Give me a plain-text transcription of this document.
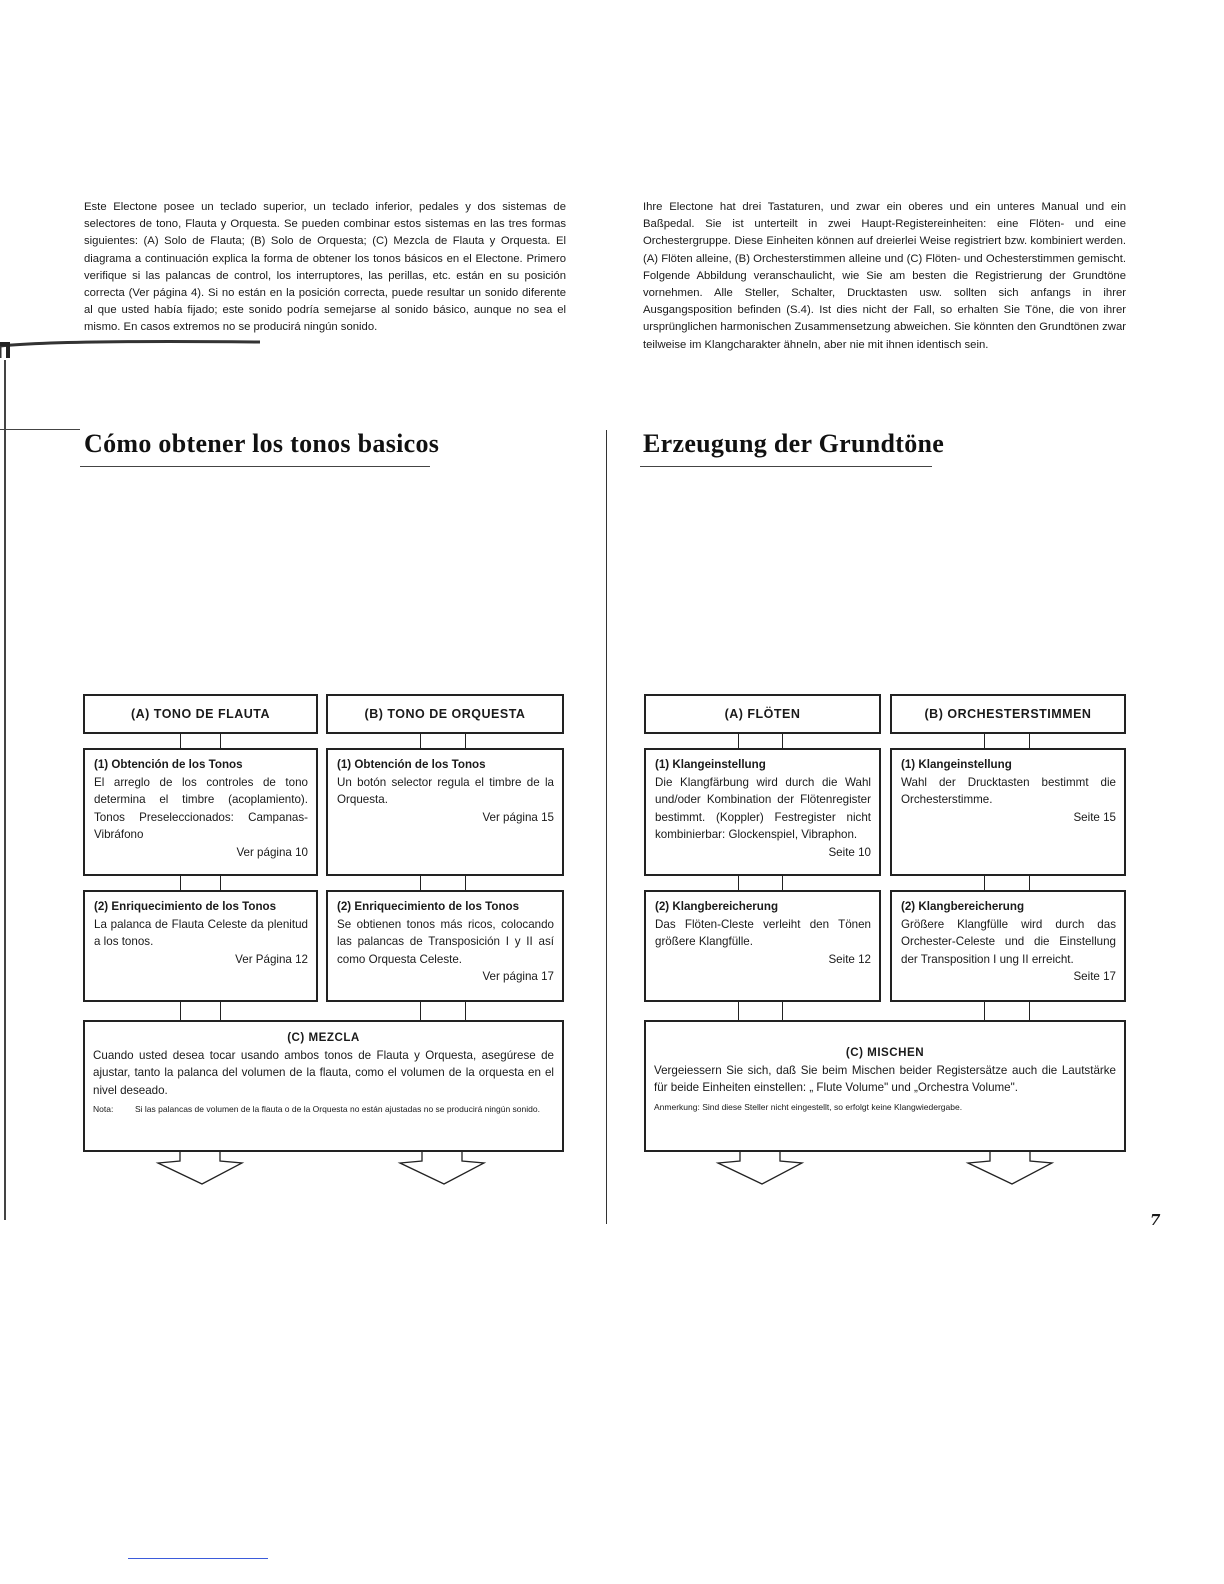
Cómo obtener los tonos basicos
Este Electone posee un teclado superior, un teclado inferior, pedales y dos sistemas de selectores de tono, Flauta y Orquesta. Se pueden combinar estos sistemas en las tres formas siguientes: (A) Solo de Flauta; (B) Solo de Orquesta; (C) Mezcla de Flauta y Orquesta. El diagrama a continuación explica la forma de obtener los tonos básicos en el Electone. Primero verifique si las palancas de control, los interruptores, las perillas, etc. están en su posición correcta (Ver página 4). Si no están en la posición correcta, puede resultar un sonido diferente al que usted había fijado; este sonido podría semejarse al sonido básico, aunque no sea el mismo. En casos extremos no se producirá ningún sonido.
(A) TONO DE FLAUTA	(B) TONO DE ORQUESTA
(1) Obtención de los Tonos
El arreglo de los controles de tono determina el timbre (acoplamiento). Tonos Preseleccionados: Campanas-Vibráfono
Ver página 10
(1) Obtención de los Tonos
Un botón selector regula el timbre de la Orquesta.
Ver página 15
(2) Enriquecimiento de los Tonos
La palanca de Flauta Celeste da plenitud a los tonos.
Ver Página 12
(2) Enriquecimiento de los Tonos
Se obtienen tonos más ricos, colocando las palancas de Transposición I y II así como Orquesta Celeste.
Ver página 17
(C) MEZCLA
Cuando usted desea tocar usando ambos tonos de Flauta y Orquesta, asegúrese de ajustar, tanto la palanca del volumen de la flauta, como el volumen de la orquesta en el nivel deseado.
Nota:	Si las palancas de volumen de la flauta o de la Orquesta no están ajustadas no se producirá ningún sonido.
Erzeugung der Grundtöne
Ihre Electone hat drei Tastaturen, und zwar ein oberes und ein unteres Manual und ein Baßpedal. Sie ist unterteilt in zwei Haupt-Registereinheiten: eine Flöten- und eine Orchestergruppe. Diese Einheiten können auf dreierlei Weise registriert bzw. kombiniert werden. (A) Flöten alleine, (B) Orchesterstimmen alleine und (C) Flöten- und Ochesterstimmen gemischt. Folgende Abbildung veranschaulicht, wie Sie am besten die Registrierung der Grundtöne vornehmen. Alle Steller, Schalter, Drucktasten usw. sollten sich anfangs in ihrer Ausgangsposition befinden (S.4). Ist dies nicht der Fall, so erhalten Sie Töne, die von ihrer ursprünglichen harmonischen Zusammensetzung abweichen. Sie könnten den Grundtönen zwar teilweise im Klangcharakter ähneln, aber nie mit ihnen identisch sein.
(A) FLÖTEN	(B) ORCHESTERSTIMMEN
(1) Klangeinstellung
Die Klangfärbung wird durch die Wahl und/oder Kombination der Flötenregister bestimmt. (Koppler) Festregister nicht kombinierbar: Glockenspiel, Vibraphon.
Seite 10
(1) Klangeinstellung
Wahl der Drucktasten bestimmt die Orchesterstimme.
Seite 15
(2) Klangbereicherung
Das Flöten-Cleste verleiht den Tönen größere Klangfülle.
Seite 12
(2) Klangbereicherung
Größere Klangfülle wird durch das Orchester-Celeste und die Einstellung der Transposition I ung II erreicht.
Seite 17
(C) MISCHEN
Vergeiessern Sie sich, daß Sie beim Mischen beider Registersätze auch die Lautstärke für beide Einheiten einstellen: „ Flute Volume" und „Orchestra Volume".
Anmerkung: Sind diese Steller nicht eingestellt, so erfolgt keine Klangwiedergabe.
7
